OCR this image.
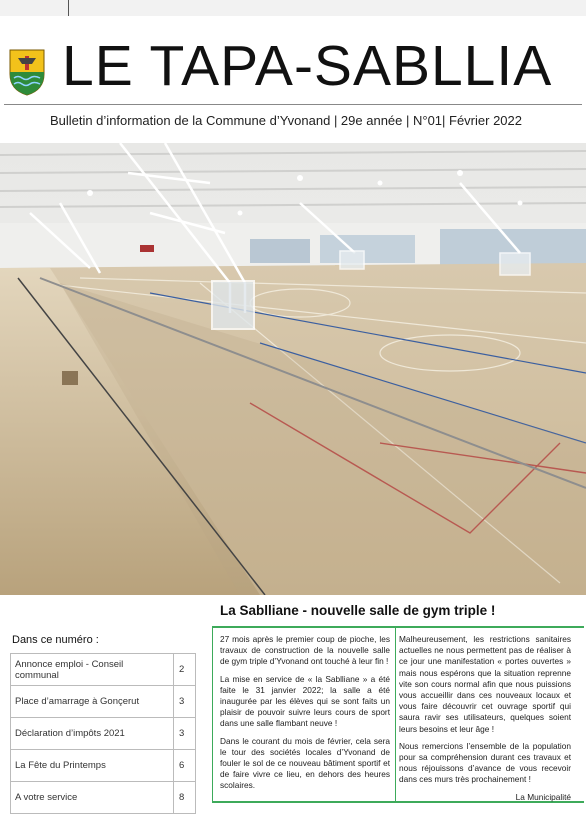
LE TAPA-SABLLIA
Bulletin d’information de la Commune d’Yvonand | 29e année | N°01| Février 2022
La Sablliane - nouvelle salle de gym triple !
Dans ce numéro :
Annonce emploi - Conseil communal	2
Place d’amarrage à Gonçerut	3
Déclaration d’impôts 2021	3
La Fête du Printemps	6
A votre service	8

27 mois après le premier coup de pioche, les travaux de construction de la nouvelle salle de gym triple d’Yvonand ont touché à leur fin !

La mise en service de « la Sablliane » a été faite le 31 janvier 2022; la salle a été inaugurée par les élèves qui se sont faits un plaisir de pouvoir suivre leurs cours de sport dans une salle flambant neuve !

Dans le courant du mois de février, cela sera le tour des sociétés locales d’Yvonand de fouler le sol de ce nouveau bâtiment sportif et de faire vivre ce lieu, en dehors des heures scolaires.

Malheureusement, les restrictions sanitaires actuelles ne nous permettent pas de réaliser à ce jour une manifestation « portes ouvertes » mais nous espérons que la situation reprenne vite son cours normal afin que nous puissions vous accueillir dans ces nouveaux locaux et vous faire découvrir cet ouvrage sportif qui saura ravir ses utilisateurs, quelques soient leurs besoins et leur âge !

Nous remercions l’ensemble de la population pour sa compréhension durant ces travaux et nous réjouissons d’avance de vous recevoir dans ces murs très prochainement !

La Municipalité
